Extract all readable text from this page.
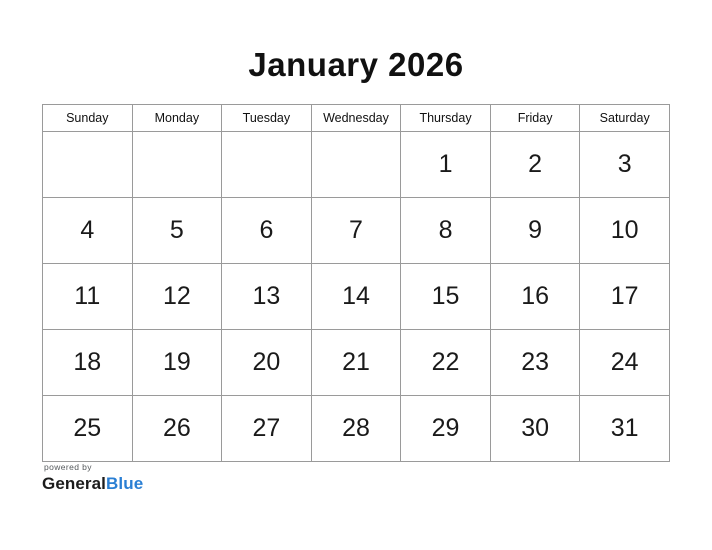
January 2026
Sunday	Monday	Tuesday	Wednesday	Thursday	Friday	Saturday
				1	2	3
4	5	6	7	8	9	10
11	12	13	14	15	16	17
18	19	20	21	22	23	24
25	26	27	28	29	30	31
powered by
GeneralBlue
